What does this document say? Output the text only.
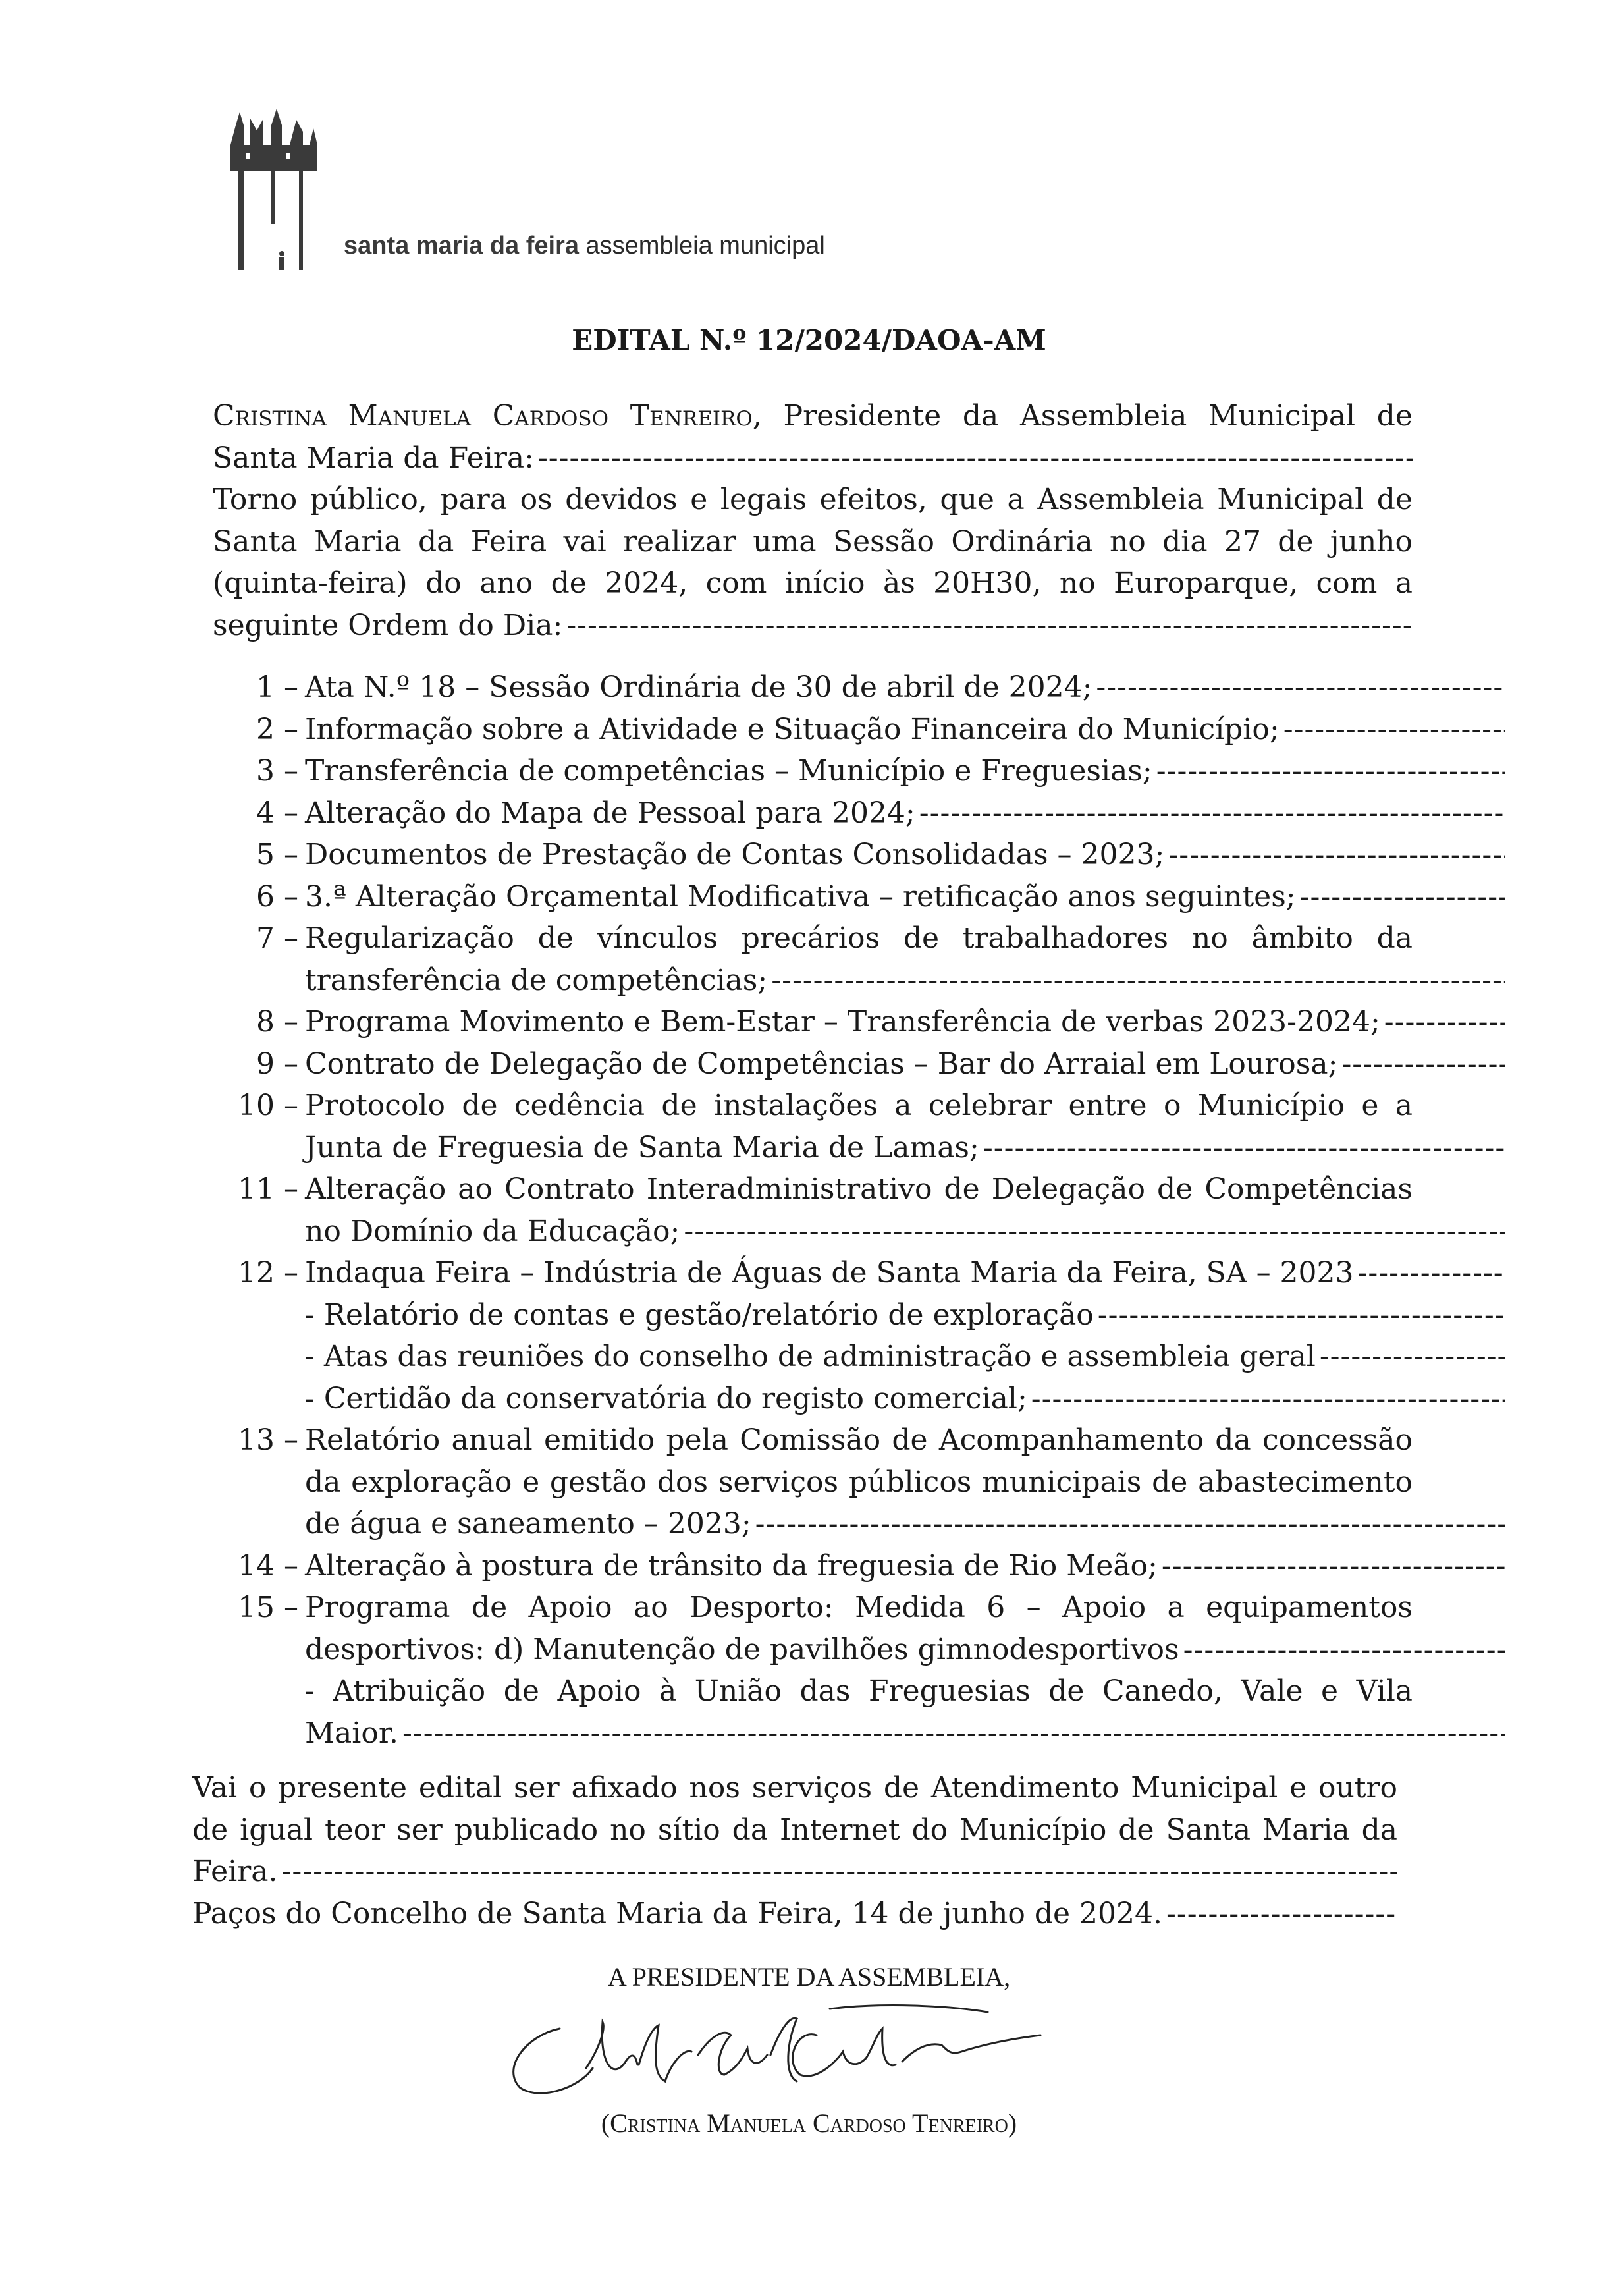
santa maria da feira assembleia municipal
EDITAL N.º 12/2024/DAOA-AM
Cristina Manuela Cardoso Tenreiro, Presidente da Assembleia Municipal de
Santa Maria da Feira:
-----
Torno público, para os devidos e legais efeitos, que a Assembleia Municipal de
Santa Maria da Feira vai realizar uma Sessão Ordinária no dia 27 de junho
(quinta-feira) do ano de 2024, com início às 20H30, no Europarque, com a
seguinte Ordem do Dia:
-----
1 – Ata N.º 18 – Sessão Ordinária de 30 de abril de 2024;
-----
2 – Informação sobre a Atividade e Situação Financeira do Município;
-----
3 – Transferência de competências – Município e Freguesias;
-----
4 – Alteração do Mapa de Pessoal para 2024;
-----
5 – Documentos de Prestação de Contas Consolidadas – 2023;
-----
6 – 3.ª Alteração Orçamental Modificativa – retificação anos seguintes;
-----
7 – Regularização de vínculos precários de trabalhadores no âmbito da
transferência de competências;
-----
8 – Programa Movimento e Bem-Estar – Transferência de verbas 2023-2024;
-----
9 – Contrato de Delegação de Competências – Bar do Arraial em Lourosa;
-----
10 – Protocolo de cedência de instalações a celebrar entre o Município e a
Junta de Freguesia de Santa Maria de Lamas;
-----
11 – Alteração ao Contrato Interadministrativo de Delegação de Competências
no Domínio da Educação;
-----
12 – Indaqua Feira – Indústria de Águas de Santa Maria da Feira, SA – 2023
-----
- Relatório de contas e gestão/relatório de exploração
-----
- Atas das reuniões do conselho de administração e assembleia geral
-----
- Certidão da conservatória do registo comercial;
-----
13 – Relatório anual emitido pela Comissão de Acompanhamento da concessão
da exploração e gestão dos serviços públicos municipais de abastecimento
de água e saneamento – 2023;
-----
14 – Alteração à postura de trânsito da freguesia de Rio Meão;
-----
15 – Programa de Apoio ao Desporto: Medida 6 – Apoio a equipamentos
desportivos: d) Manutenção de pavilhões gimnodesportivos
-----
- Atribuição de Apoio à União das Freguesias de Canedo, Vale e Vila
Maior.
-----
Vai o presente edital ser afixado nos serviços de Atendimento Municipal e outro
de igual teor ser publicado no sítio da Internet do Município de Santa Maria da
Feira.
-----
Paços do Concelho de Santa Maria da Feira, 14 de junho de 2024.
-----
A PRESIDENTE DA ASSEMBLEIA,
(Cristina Manuela Cardoso Tenreiro)
